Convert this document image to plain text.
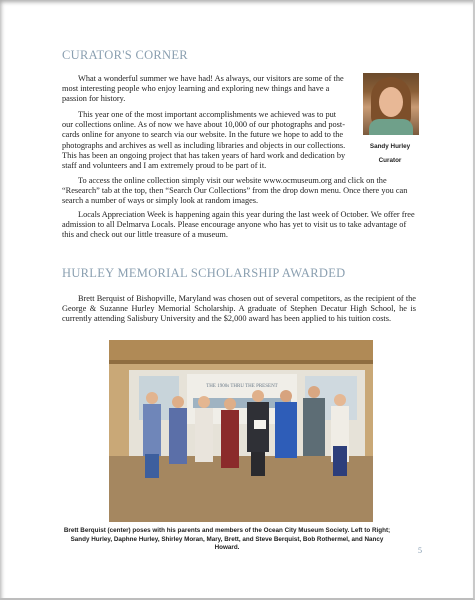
CURATOR'S CORNER
What a wonderful summer we have had! As always, our visitors are some of the most interesting people who enjoy learning and exploring new things and have a passion for history.
This year one of the most important accomplishments we achieved was to put our collections online. As of now we have about 10,000 of our photographs and post-cards online for anyone to search via our website. In the future we hope to add to the photographs and archives as well as including libraries and objects in our collections. This has been an ongoing project that has taken years of hard work and dedication by staff and volunteers and I am extremely proud to be part of it.
To access the online collection simply visit our website www.ocmuseum.org and click on the “Research” tab at the top, then “Search Our Collections” from the drop down menu. Once there you can search a number of ways or simply look at random images.
Locals Appreciation Week is happening again this year during the last week of October. We offer free admission to all Delmarva Locals. Please encourage anyone who has yet to visit us to take advantage of this and check out our little treasure of a museum.
Sandy Hurley
Curator
HURLEY MEMORIAL SCHOLARSHIP AWARDED
Brett Berquist of Bishopville, Maryland was chosen out of several competitors, as the recipient of the George & Suzanne Hurley Memorial Scholarship. A graduate of Stephen Decatur High School, he is currently attending Salisbury University and the $2,000 award has been applied to his tuition costs.
THE 1900s THRU THE PRESENT
Brett Berquist (center) poses with his parents and members of the Ocean City Museum Society. Left to Right; Sandy Hurley, Daphne Hurley, Shirley Moran, Mary, Brett, and Steve Berquist, Bob Rothermel, and Nancy Howard.	5
